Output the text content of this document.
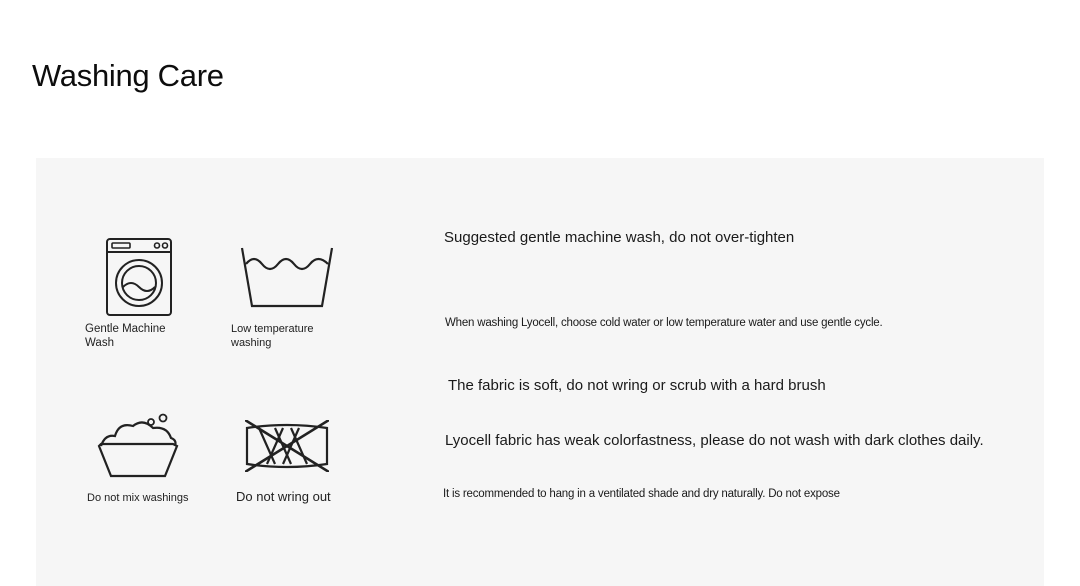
Washing Care
Gentle Machine Wash
Low temperature washing
Do not mix washings	Do not wring out
Suggested gentle machine wash, do not over-tighten
When washing Lyocell, choose cold water or low temperature water and use gentle cycle.
The fabric is soft, do not wring or scrub with a hard brush
Lyocell fabric has weak colorfastness, please do not wash with dark clothes daily.
It is recommended to hang in a ventilated shade and dry naturally. Do not expose
